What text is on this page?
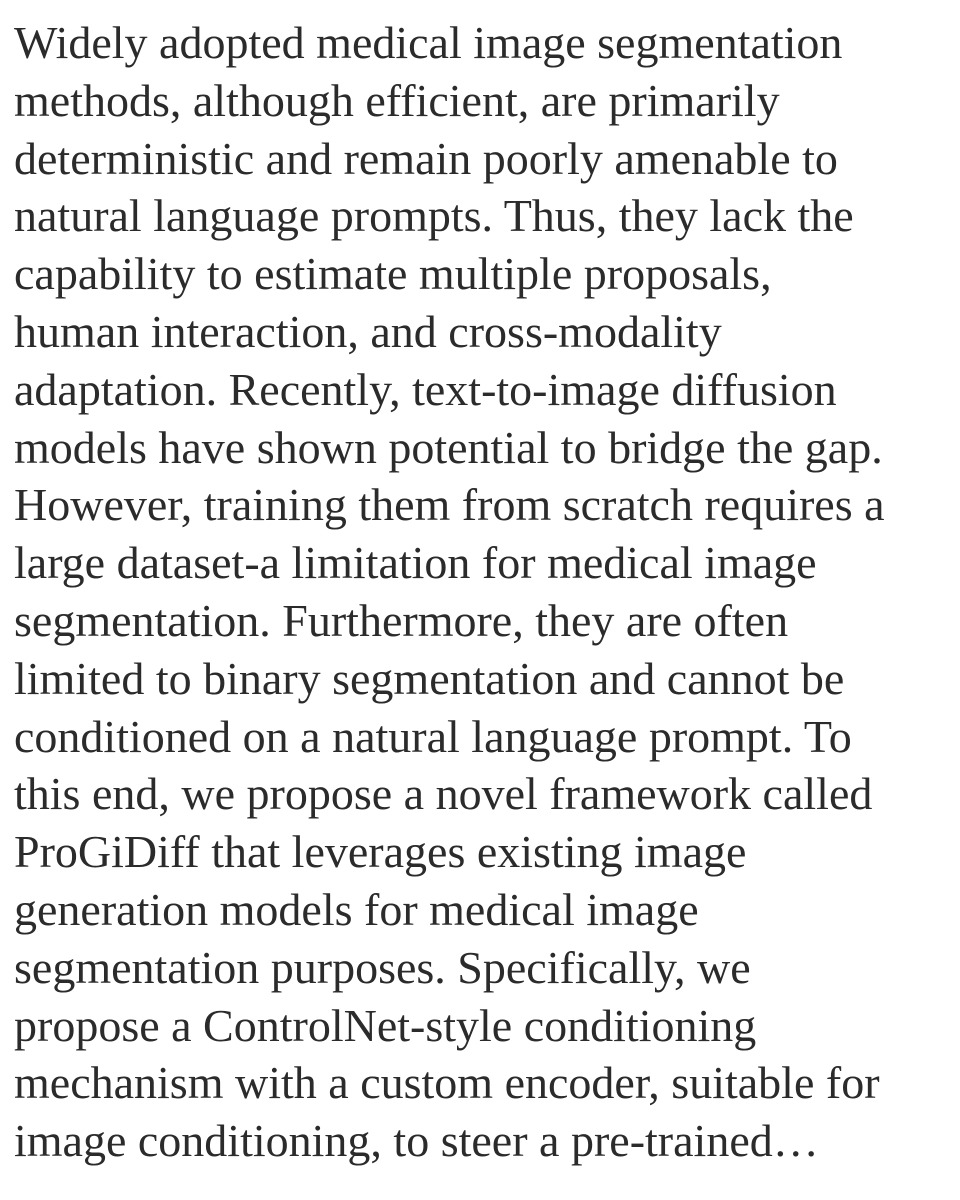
Widely adopted medical image segmentation
methods, although efficient, are primarily
deterministic and remain poorly amenable to
natural language prompts. Thus, they lack the
capability to estimate multiple proposals,
human interaction, and cross-modality
adaptation. Recently, text-to-image diffusion
models have shown potential to bridge the gap.
However, training them from scratch requires a
large dataset-a limitation for medical image
segmentation. Furthermore, they are often
limited to binary segmentation and cannot be
conditioned on a natural language prompt. To
this end, we propose a novel framework called
ProGiDiff that leverages existing image
generation models for medical image
segmentation purposes. Specifically, we
propose a ControlNet-style conditioning
mechanism with a custom encoder, suitable for
image conditioning, to steer a pre-trained…
